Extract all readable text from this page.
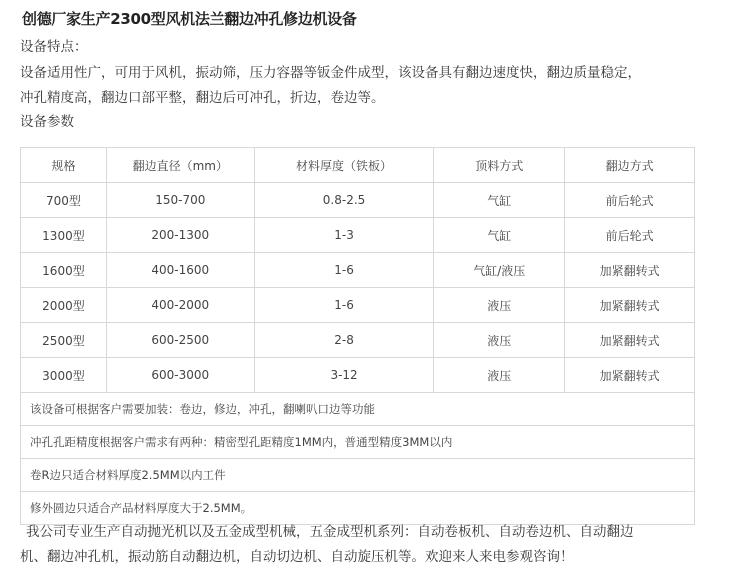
创德厂家生产2300型风机法兰翻边冲孔修边机设备
设备特点：
设备适用性广，可用于风机，振动筛，压力容器等钣金件成型，该设备具有翻边速度快，翻边质量稳定，
冲孔精度高，翻边口部平整，翻边后可冲孔，折边，卷边等。
设备参数
规格	翻边直径（mm）	材料厚度（铁板）	顶料方式	翻边方式
700型	150-700	0.8-2.5	气缸	前后轮式
1300型	200-1300	1-3	气缸	前后轮式
1600型	400-1600	1-6	气缸/液压	加紧翻转式
2000型	400-2000	1-6	液压	加紧翻转式
2500型	600-2500	2-8	液压	加紧翻转式
3000型	600-3000	3-12	液压	加紧翻转式
该设备可根据客户需要加装：卷边，修边，冲孔，翻喇叭口边等功能				
冲孔孔距精度根据客户需求有两种：精密型孔距精度1MM内，普通型精度3MM以内				
卷R边只适合材料厚度2.5MM以内工件				
修外圆边只适合产品材料厚度大于2.5MM。				
我公司专业生产自动抛光机以及五金成型机械，五金成型机系列：自动卷板机、自动卷边机、自动翻边
机、翻边冲孔机，振动筋自动翻边机，自动切边机、自动旋压机等。欢迎来人来电参观咨询！
